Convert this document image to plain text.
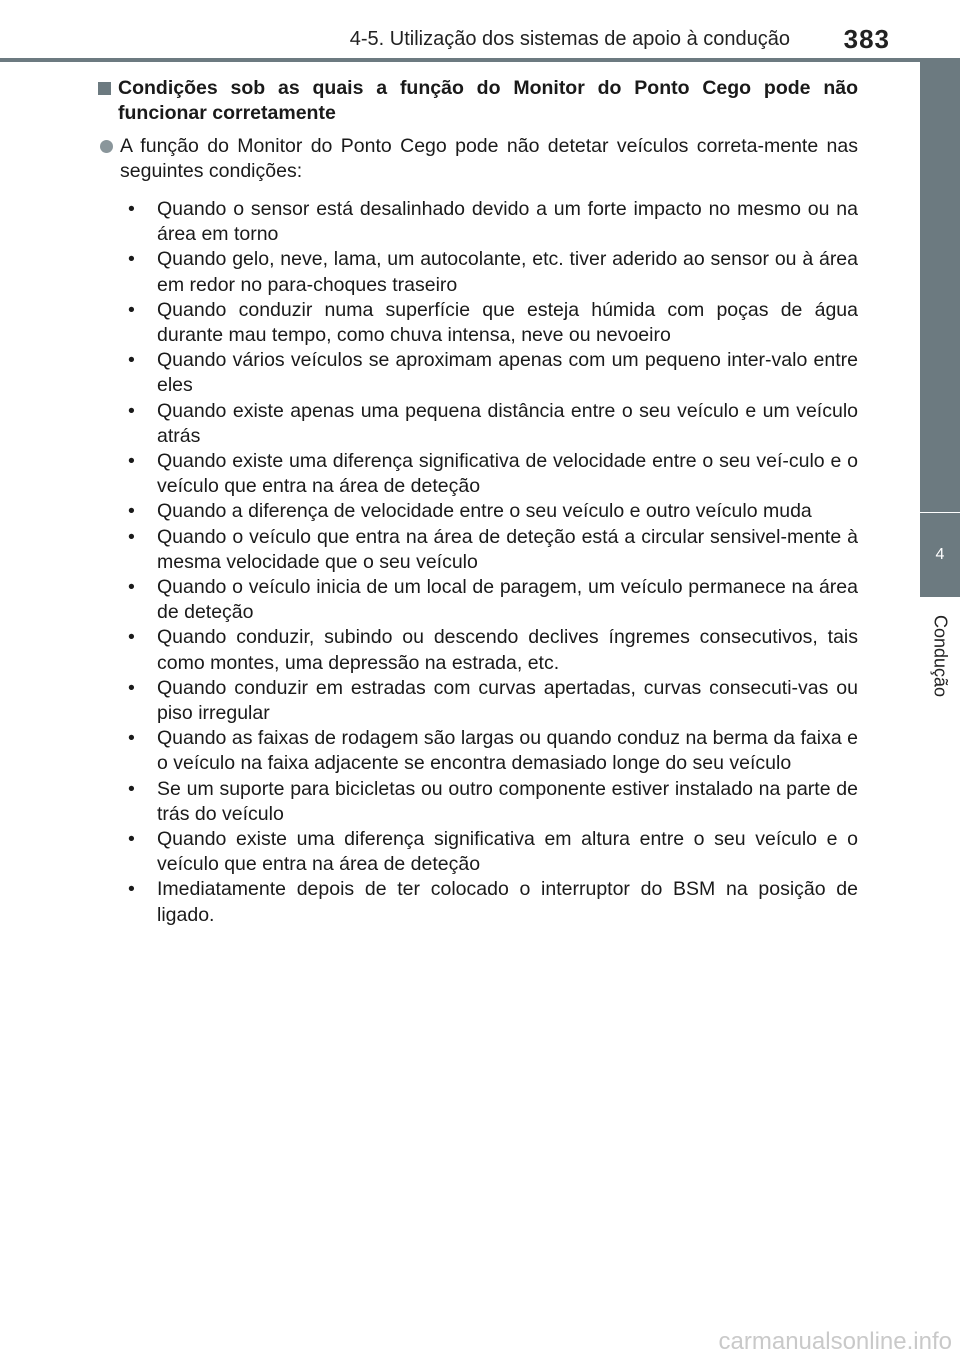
4-5. Utilização dos sistemas de apoio à condução 383
4
Condução
Condições sob as quais a função do Monitor do Ponto Cego pode não funcionar corretamente
A função do Monitor do Ponto Cego pode não detetar veículos correta-mente nas seguintes condições:
•	Quando o sensor está desalinhado devido a um forte impacto no mesmo ou na área em torno
•	Quando gelo, neve, lama, um autocolante, etc. tiver aderido ao sensor ou à área em redor no para-choques traseiro
•	Quando conduzir numa superfície que esteja húmida com poças de água durante mau tempo, como chuva intensa, neve ou nevoeiro
•	Quando vários veículos se aproximam apenas com um pequeno inter-valo entre eles
•	Quando existe apenas uma pequena distância entre o seu veículo e um veículo atrás
•	Quando existe uma diferença significativa de velocidade entre o seu veí-culo e o veículo que entra na área de deteção
•	Quando a diferença de velocidade entre o seu veículo e outro veículo muda
•	Quando o veículo que entra na área de deteção está a circular sensivel-mente à mesma velocidade que o seu veículo
•	Quando o veículo inicia de um local de paragem, um veículo permanece na área de deteção
•	Quando conduzir, subindo ou descendo declives íngremes consecutivos, tais como montes, uma depressão na estrada, etc.
•	Quando conduzir em estradas com curvas apertadas, curvas consecuti-vas ou piso irregular
•	Quando as faixas de rodagem são largas ou quando conduz na berma da faixa e o veículo na faixa adjacente se encontra demasiado longe do seu veículo
•	Se um suporte para bicicletas ou outro componente estiver instalado na parte de trás do veículo
•	Quando existe uma diferença significativa em altura entre o seu veículo e o veículo que entra na área de deteção
•	Imediatamente depois de ter colocado o interruptor do BSM na posição de ligado.
carmanualsonline.info
